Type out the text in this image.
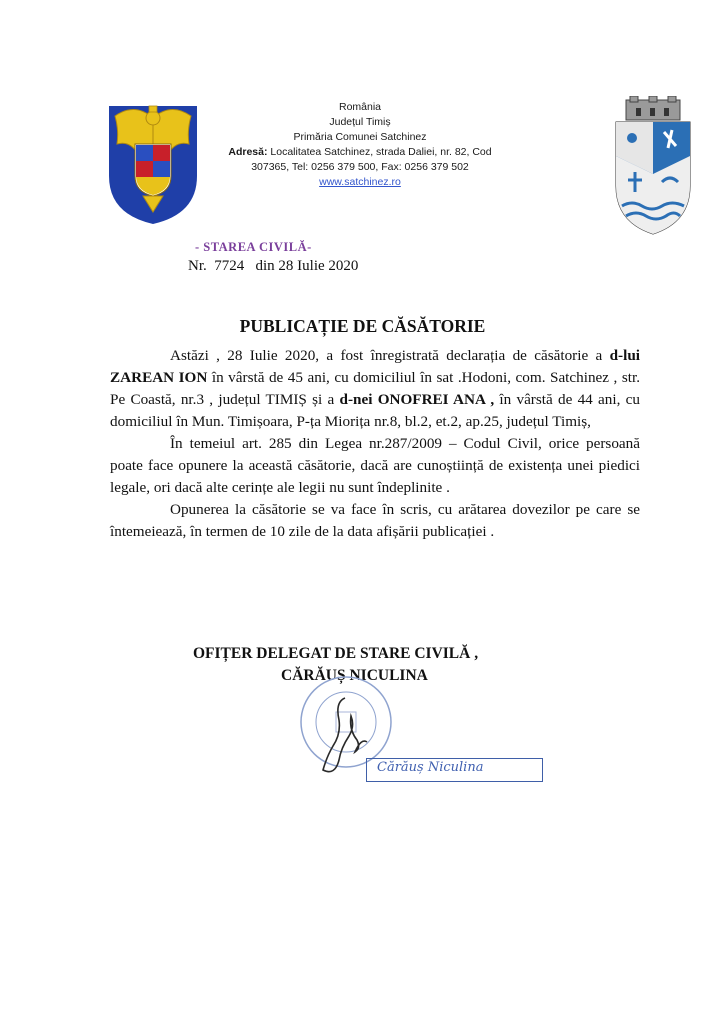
România
Județul Timiș
Primăria Comunei Satchinez
Adresă: Localitatea Satchinez, strada Daliei, nr. 82, Cod
307365, Tel: 0256 379 500, Fax: 0256 379 502
www.satchinez.ro
- STAREA CIVILĂ-
Nr. 7724 din 28 Iulie 2020
PUBLICAȚIE DE CĂSĂTORIE

Astăzi , 28 Iulie 2020, a fost înregistrată declarația de căsătorie a d-lui ZAREAN ION în vârstă de 45 ani, cu domiciliul în sat .Hodoni, com. Satchinez , str. Pe Coastă, nr.3 , județul TIMIȘ și a d-nei ONOFREI ANA , în vârstă de 44 ani, cu domiciliul în Mun. Timișoara, P-ța Miorița nr.8, bl.2, et.2, ap.25, județul Timiș,

În temeiul art. 285 din Legea nr.287/2009 – Codul Civil, orice persoană poate face opunere la această căsătorie, dacă are cunoștiință de existența unei piedici legale, ori dacă alte cerințe ale legii nu sunt îndeplinite .

Opunerea la căsătorie se va face în scris, cu arătarea dovezilor pe care se întemeiează, în termen de 10 zile de la data afișării publicației .

OFIȚER DELEGAT DE STARE CIVILĂ ,
CĂRĂUȘ NICULINA
Cărăuș Niculina
